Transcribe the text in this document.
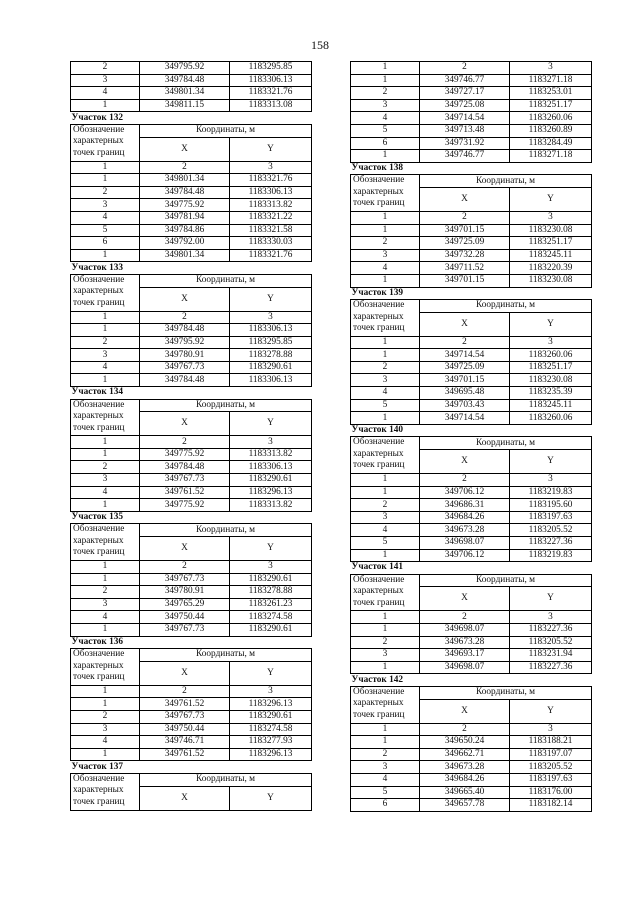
158
2	349795.92	1183295.85
3	349784.48	1183306.13
4	349801.34	1183321.76
1	349811.15	1183313.08
Участок 132		
Обозначение
характерных
точек границ	Координаты, м	
	X	Y
1	2	3
1	349801.34	1183321.76
2	349784.48	1183306.13
3	349775.92	1183313.82
4	349781.94	1183321.22
5	349784.86	1183321.58
6	349792.00	1183330.03
1	349801.34	1183321.76
Участок 133		
Обозначение
характерных
точек границ	Координаты, м	
	X	Y
1	2	3
1	349784.48	1183306.13
2	349795.92	1183295.85
3	349780.91	1183278.88
4	349767.73	1183290.61
1	349784.48	1183306.13
Участок 134		
Обозначение
характерных
точек границ	Координаты, м	
	X	Y
1	2	3
1	349775.92	1183313.82
2	349784.48	1183306.13
3	349767.73	1183290.61
4	349761.52	1183296.13
1	349775.92	1183313.82
Участок 135		
Обозначение
характерных
точек границ	Координаты, м	
	X	Y
1	2	3
1	349767.73	1183290.61
2	349780.91	1183278.88
3	349765.29	1183261.23
4	349750.44	1183274.58
1	349767.73	1183290.61
Участок 136		
Обозначение
характерных
точек границ	Координаты, м	
	X	Y
1	2	3
1	349761.52	1183296.13
2	349767.73	1183290.61
3	349750.44	1183274.58
4	349746.71	1183277.93
1	349761.52	1183296.13
Участок 137		
Обозначение
характерных
точек границ	Координаты, м	
	X	Y
1	2	3
1	349746.77	1183271.18
2	349727.17	1183253.01
3	349725.08	1183251.17
4	349714.54	1183260.06
5	349713.48	1183260.89
6	349731.92	1183284.49
1	349746.77	1183271.18
Участок 138		
Обозначение
характерных
точек границ	Координаты, м	
	X	Y
1	2	3
1	349701.15	1183230.08
2	349725.09	1183251.17
3	349732.28	1183245.11
4	349711.52	1183220.39
1	349701.15	1183230.08
Участок 139		
Обозначение
характерных
точек границ	Координаты, м	
	X	Y
1	2	3
1	349714.54	1183260.06
2	349725.09	1183251.17
3	349701.15	1183230.08
4	349695.48	1183235.39
5	349703.43	1183245.11
1	349714.54	1183260.06
Участок 140		
Обозначение
характерных
точек границ	Координаты, м	
	X	Y
1	2	3
1	349706.12	1183219.83
2	349686.31	1183195.60
3	349684.26	1183197.63
4	349673.28	1183205.52
5	349698.07	1183227.36
1	349706.12	1183219.83
Участок 141		
Обозначение
характерных
точек границ	Координаты, м	
	X	Y
1	2	3
1	349698.07	1183227.36
2	349673.28	1183205.52
3	349693.17	1183231.94
1	349698.07	1183227.36
Участок 142		
Обозначение
характерных
точек границ	Координаты, м	
	X	Y
1	2	3
1	349650.24	1183188.21
2	349662.71	1183197.07
3	349673.28	1183205.52
4	349684.26	1183197.63
5	349665.40	1183176.00
6	349657.78	1183182.14
